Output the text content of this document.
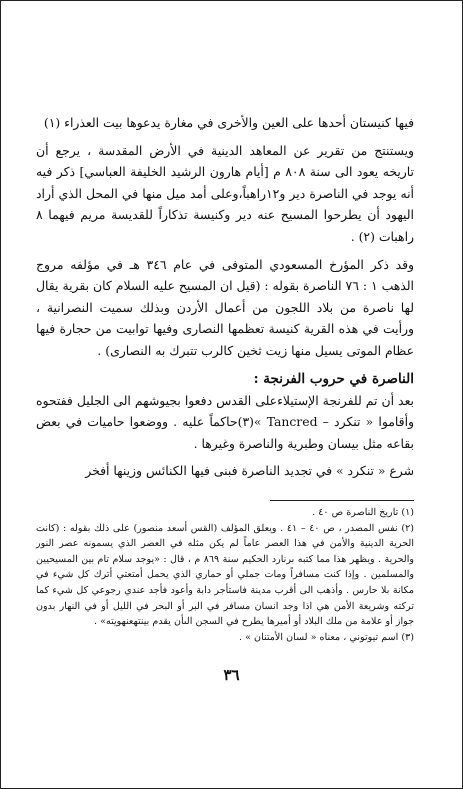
فيها كنيستان أحدها على العين والأخرى في مغارة يدعوها بيت العذراء (١)

ويستنتج من تقرير عن المعاهد الدينية في الأرض المقدسة ، يرجع أن تاريخه يعود الى سنة ٨٠٨ م [أيام هارون الرشيد الخليفة العباسي] ذكر فيه أنه يوجد في الناصرة دير و١٢راهباً،وعلى أمد ميل منها في المحل الذي أراد اليهود أن يطرحوا المسيح عنه دير وكنيسة تذكاراً للقديسة مريم فيهما ٨ راهبات (٢) .

وقد ذكر المؤرخ المسعودي المتوفى في عام ٣٤٦ هـ في مؤلفه مروج الذهب ١ : ٧٦ الناصرة بقوله : (قيل ان المسيح عليه السلام كان بقرية يقال لها ناصرة من بلاد اللجون من أعمال الأردن وبذلك سميت النصرانية ، ورأيت في هذه القرية كنيسة تعظمها النصارى وفيها توابيت من حجارة فيها عظام الموتى يسيل منها زيت ثخين كالرب تتبرك به النصارى) .

الناصرة في حروب الفرنجة :

بعد أن تم للفرنجة الإستيلاءعلى القدس دفعوا بجيوشهم الى الجليل ففتحوه وأقاموا « تنكرد – Tancred »(٣)حاكماً عليه . ووضعوا حاميات في بعض بقاعه مثل بيسان وطبرية والناصرة وغيرها .

شرع « تنكرد » في تجديد الناصرة فبنى فيها الكنائس وزينها أفخر

(١) تاريخ الناصرة ص ٤٠ .

(٢) نفس المصدر ، ص ٤٠ – ٤١ . ويعلق المؤلف (القس أسعد منصور) على ذلك بقوله : (كانت الحرية الدينية والأمن في هذا العصر عاماً لم يكن مثله في العصر الذي يسمونه عصر النور والحرية . ويظهر هذا مما كتبه برنارد الحكيم سنة ٨٦٩ م ، قال : «يوجد سلام تام بين المسيحيين والمسلمين . وإذا كنت مسافراً ومات جملي أو حماري الذي يحمل أمتعتي أترك كل شيء في مكانة بلا حارس . وأذهب الى أقرب مدينة فاستأجر دابة وأعود فأجد عندي رجوعي كل شيء كما تركته وشريعة الأمن هي اذا وجد انسان مسافر في البر أو البحر في الليل أو في النهار بدون جواز أو علامة من ملك البلاد أو أميرها يطرح في السجن الىأن يقدم بينتهعنهويته» .

(٣) اسم تيوتوني ، معناه « لسان الأمتنان » .

٣٦
